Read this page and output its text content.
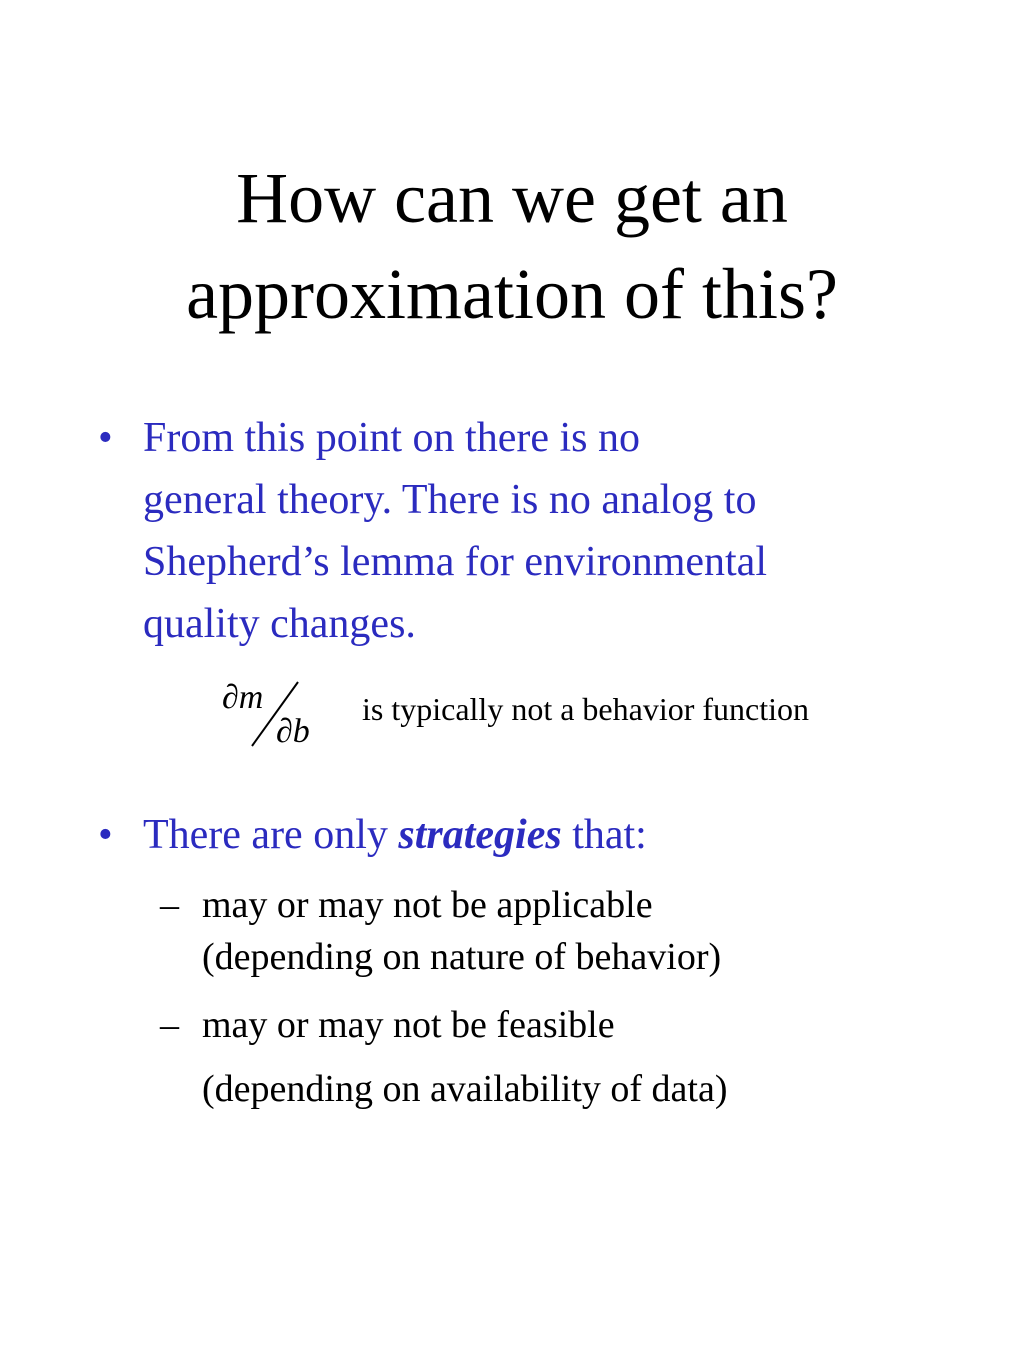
How can we get an
approximation of this?
• From this point on there is no
general theory. There is no analog to
Shepherd’s lemma for environmental
quality changes.
∂m
∂b
is typically not a behavior function
• There are only strategies that:
– may or may not be applicable
(depending on nature of behavior)
– may or may not be feasible
(depending on availability of data)
